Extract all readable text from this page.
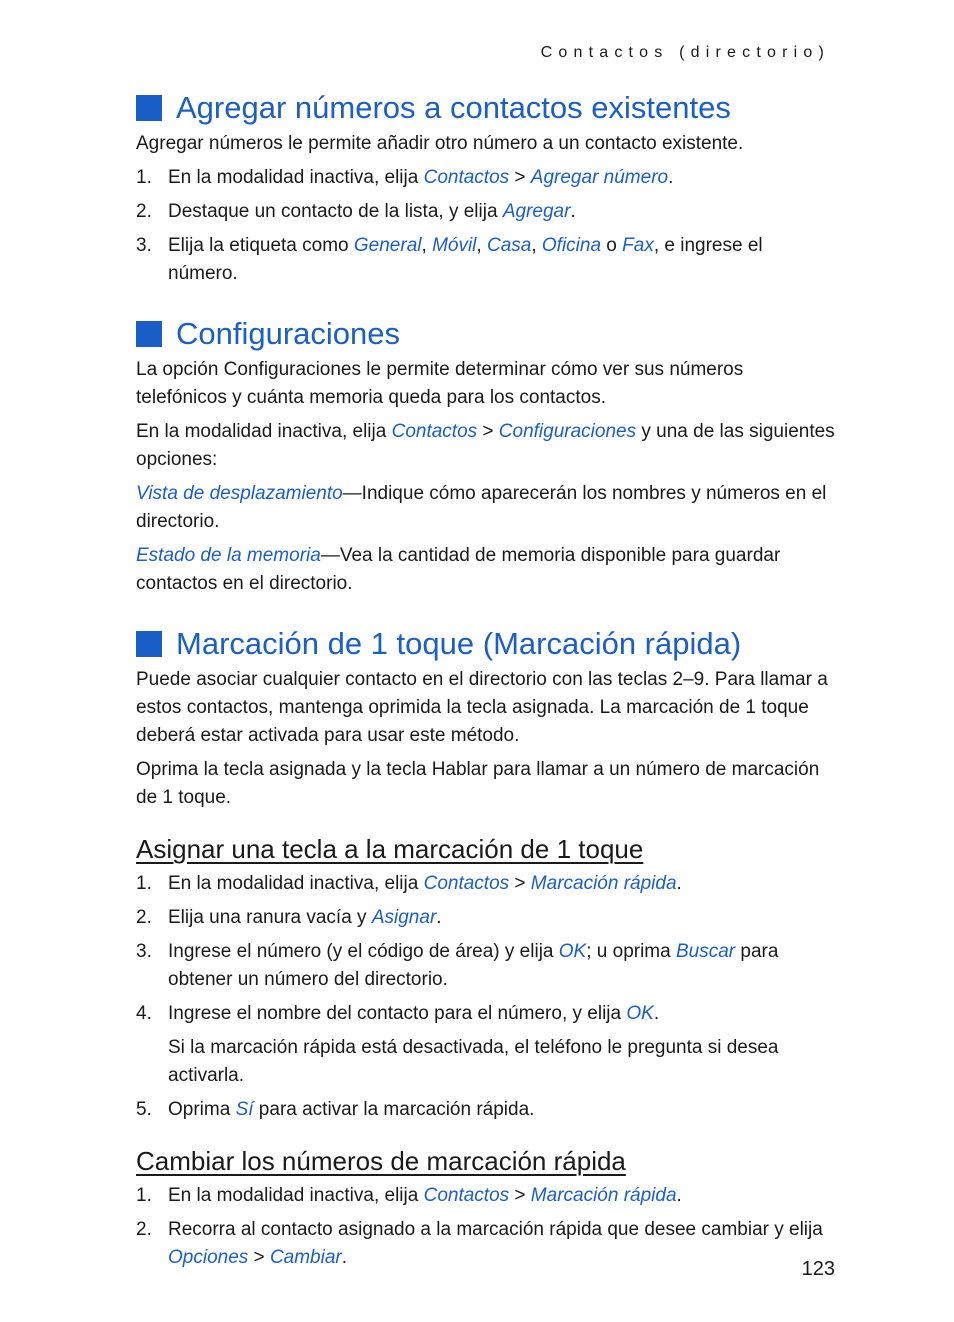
Contactos (directorio)
Agregar números a contactos existentes

Agregar números le permite añadir otro número a un contacto existente.

1. En la modalidad inactiva, elija Contactos > Agregar número.
2. Destaque un contacto de la lista, y elija Agregar.
3. Elija la etiqueta como General, Móvil, Casa, Oficina o Fax, e ingrese el número.
Configuraciones

La opción Configuraciones le permite determinar cómo ver sus números telefónicos y cuánta memoria queda para los contactos.

En la modalidad inactiva, elija Contactos > Configuraciones y una de las siguientes opciones:

Vista de desplazamiento—Indique cómo aparecerán los nombres y números en el directorio.

Estado de la memoria—Vea la cantidad de memoria disponible para guardar contactos en el directorio.

Marcación de 1 toque (Marcación rápida)

Puede asociar cualquier contacto en el directorio con las teclas 2–9. Para llamar a estos contactos, mantenga oprimida la tecla asignada. La marcación de 1 toque deberá estar activada para usar este método.

Oprima la tecla asignada y la tecla Hablar para llamar a un número de marcación de 1 toque.

Asignar una tecla a la marcación de 1 toque
1. En la modalidad inactiva, elija Contactos > Marcación rápida.
2. Elija una ranura vacía y Asignar.
3. Ingrese el número (y el código de área) y elija OK; u oprima Buscar para obtener un número del directorio.
4. Ingrese el nombre del contacto para el número, y elija OK.
Si la marcación rápida está desactivada, el teléfono le pregunta si desea activarla.
5. Oprima Sí para activar la marcación rápida.
Cambiar los números de marcación rápida
1. En la modalidad inactiva, elija Contactos > Marcación rápida.
2. Recorra al contacto asignado a la marcación rápida que desee cambiar y elija Opciones > Cambiar.
123
